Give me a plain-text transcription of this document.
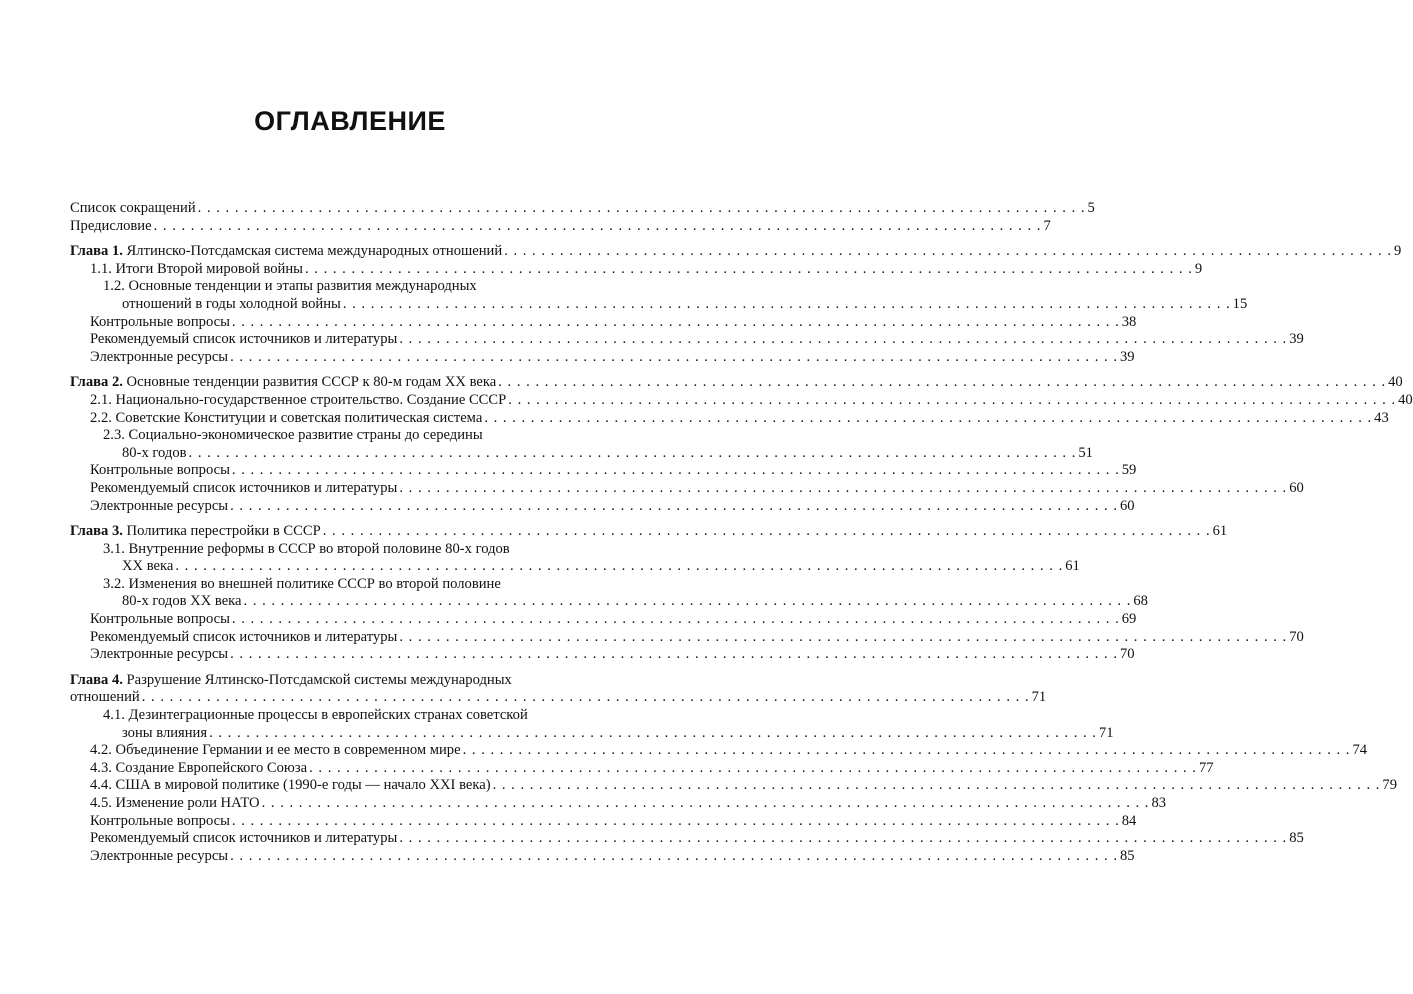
ОГЛАВЛЕНИЕ
Список сокращений . . .	5
Предисловие . . .	7
Глава 1. Ялтинско-Потсдамская система международных отношений . . .	9
1.1. Итоги Второй мировой войны . . .	9
1.2. Основные тенденции и этапы развития международных
отношений в годы холодной войны . . .	15
Контрольные вопросы . . .	38
Рекомендуемый список источников и литературы . . .	39
Электронные ресурсы . . .	39
Глава 2. Основные тенденции развития СССР к 80-м годам XX века . . .	40
2.1. Национально-государственное строительство. Создание СССР . . .	40
2.2. Советские Конституции и советская политическая система . . .	43
2.3. Социально-экономическое развитие страны до середины
80-х годов . . .	51
Контрольные вопросы . . .	59
Рекомендуемый список источников и литературы . . .	60
Электронные ресурсы . . .	60
Глава 3. Политика перестройки в СССР . . .	61
3.1. Внутренние реформы в СССР во второй половине 80-х годов
XX века . . .	61
3.2. Изменения во внешней политике СССР во второй половине
80-х годов XX века . . .	68
Контрольные вопросы . . .	69
Рекомендуемый список источников и литературы . . .	70
Электронные ресурсы . . .	70
Глава 4. Разрушение Ялтинско-Потсдамской системы международных
отношений . . .	71
4.1. Дезинтеграционные процессы в европейских странах советской
зоны влияния . . .	71
4.2. Объединение Германии и ее место в современном мире . . .	74
4.3. Создание Европейского Союза . . .	77
4.4. США в мировой политике (1990-е годы — начало XXI века) . . .	79
4.5. Изменение роли НАТО . . .	83
Контрольные вопросы . . .	84
Рекомендуемый список источников и литературы . . .	85
Электронные ресурсы . . .	85
